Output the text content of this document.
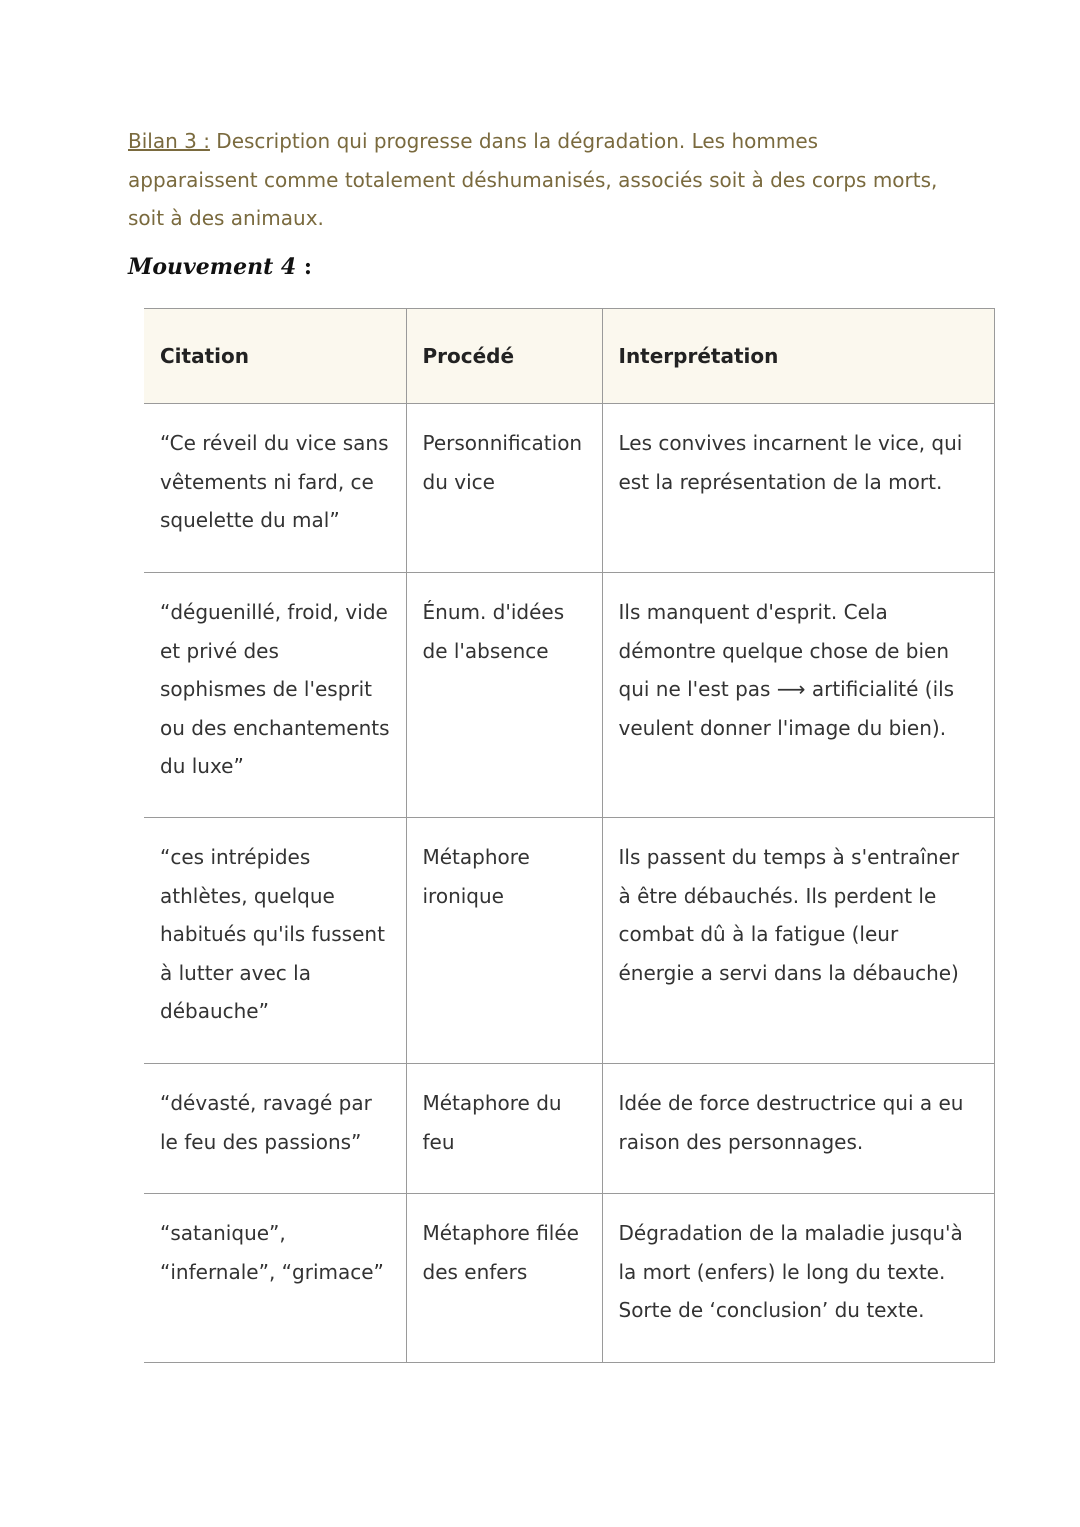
Bilan 3 : Description qui progresse dans la dégradation. Les hommes apparaissent comme totalement déshumanisés, associés soit à des corps morts, soit à des animaux.

Mouvement 4 :
Citation	Procédé	Interprétation
“Ce réveil du vice sans vêtements ni fard, ce squelette du mal”	Personnification du vice	Les convives incarnent le vice, qui est la représentation de la mort.
“déguenillé, froid, vide et privé des sophismes de l'esprit ou des enchantements du luxe”	Énum. d'idées de l'absence	Ils manquent d'esprit. Cela démontre quelque chose de bien qui ne l'est pas ⟶ artificialité (ils veulent donner l'image du bien).
“ces intrépides athlètes, quelque habitués qu'ils fussent à lutter avec la débauche”	Métaphore ironique	Ils passent du temps à s'entraîner à être débauchés. Ils perdent le combat dû à la fatigue (leur énergie a servi dans la débauche)
“dévasté, ravagé par le feu des passions”	Métaphore du feu	Idée de force destructrice qui a eu raison des personnages.
“satanique”, “infernale”, “grimace”	Métaphore filée des enfers	Dégradation de la maladie jusqu'à la mort (enfers) le long du texte. Sorte de ‘conclusion’ du texte.
